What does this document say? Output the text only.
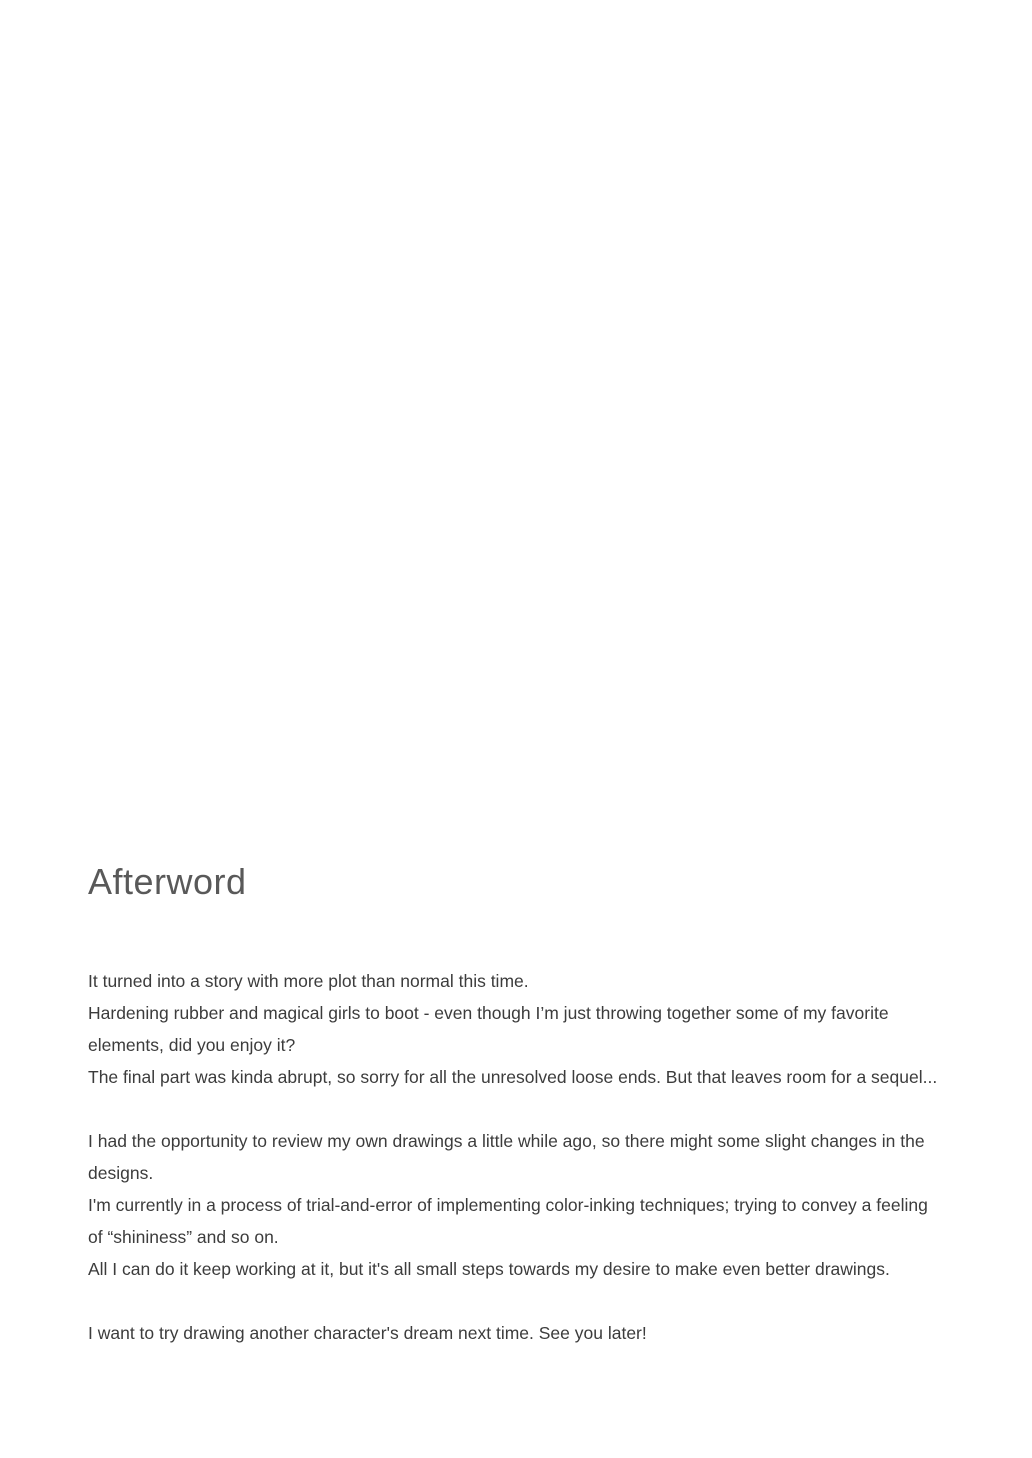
Afterword
It turned into a story with more plot than normal this time.
Hardening rubber and magical girls to boot - even though I’m just throwing together some of my favorite elements, did you enjoy it?
The final part was kinda abrupt, so sorry for all the unresolved loose ends. But that leaves room for a sequel...
I had the opportunity to review my own drawings a little while ago, so there might some slight changes in the designs.
I'm currently in a process of trial-and-error of implementing color-inking techniques; trying to convey a feeling of “shininess” and so on.
All I can do it keep working at it, but it's all small steps towards my desire to make even better drawings.
I want to try drawing another character's dream next time. See you later!
